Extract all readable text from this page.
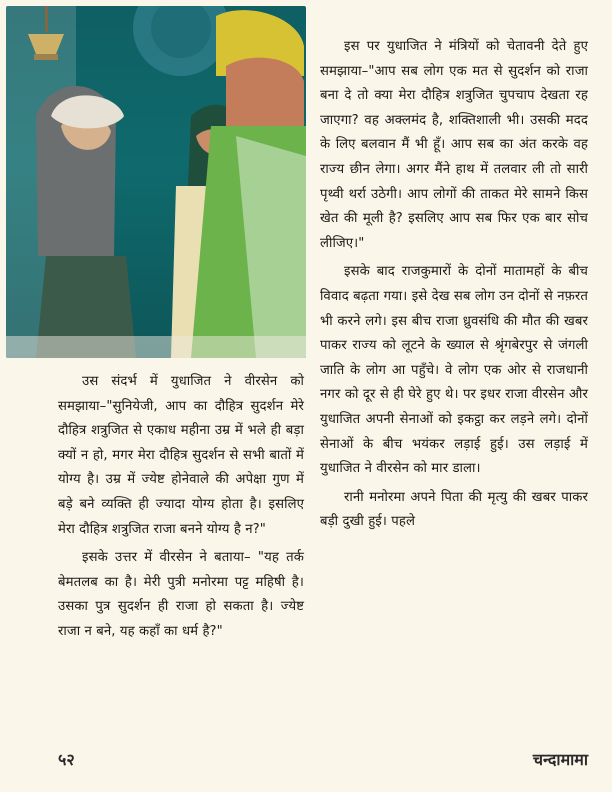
इस पर युधाजित ने मंत्रियों को चेतावनी देते हुए समझाया–"आप सब लोग एक मत से सुदर्शन को राजा बना दे तो क्या मेरा दौहित्र शत्रुजित चुपचाप देखता रह जाएगा? वह अक्लमंद है, शक्तिशाली भी। उसकी मदद के लिए बलवान मैं भी हूँ। आप सब का अंत करके वह राज्य छीन लेगा। अगर मैंने हाथ में तलवार ली तो सारी पृथ्वी थर्रा उठेगी। आप लोगों की ताकत मेरे सामने किस खेत की मूली है? इसलिए आप सब फिर एक बार सोच लीजिए।"

इसके बाद राजकुमारों के दोनों मातामहों के बीच विवाद बढ़ता गया। इसे देख सब लोग उन दोनों से नफ़रत भी करने लगे। इस बीच राजा ध्रुवसंधि की मौत की खबर पाकर राज्य को लूटने के ख्याल से श्रृंगबेरपुर से जंगली जाति के लोग आ पहुँचे। वे लोग एक ओर से राजधानी नगर को दूर से ही घेरे हुए थे। पर इधर राजा वीरसेन और युधाजित अपनी सेनाओं को इकट्ठा कर लड़ने लगे। दोनों सेनाओं के बीच भयंकर लड़ाई हुई। उस लड़ाई में युधाजित ने वीरसेन को मार डाला।

रानी मनोरमा अपने पिता की मृत्यु की खबर पाकर बड़ी दुखी हुई। पहले

उस संदर्भ में युधाजित ने वीरसेन को समझाया–"सुनियेजी, आप का दौहित्र सुदर्शन मेरे दौहित्र शत्रुजित से एकाध महीना उम्र में भले ही बड़ा क्यों न हो, मगर मेरा दौहित्र सुदर्शन से सभी बातों में योग्य है। उम्र में ज्येष्ट होनेवाले की अपेक्षा गुण में बड़े बने व्यक्ति ही ज्यादा योग्य होता है। इसलिए मेरा दौहित्र शत्रुजित राजा बनने योग्य है न?"

इसके उत्तर में वीरसेन ने बताया– "यह तर्क बेमतलब का है। मेरी पुत्री मनोरमा पट्ट महिषी है। उसका पुत्र सुदर्शन ही राजा हो सकता है। ज्येष्ट राजा न बने, यह कहाँ का धर्म है?"

५२	चन्दामामा
